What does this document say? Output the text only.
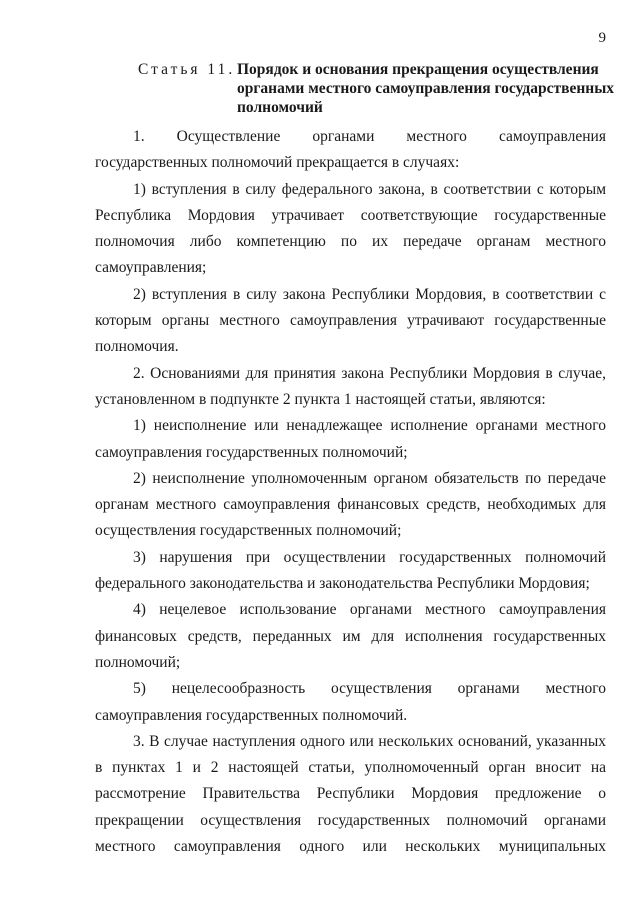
9
Статья 11. Порядок и основания прекращения осуществления органами местного самоуправления государственных полномочий

1. Осуществление органами местного самоуправления государственных полномочий прекращается в случаях:

1) вступления в силу федерального закона, в соответствии с которым Республика Мордовия утрачивает соответствующие государственные полномочия либо компетенцию по их передаче органам местного самоуправления;

2) вступления в силу закона Республики Мордовия, в соответствии с которым органы местного самоуправления утрачивают государственные полномочия.

2. Основаниями для принятия закона Республики Мордовия в случае, установленном в подпункте 2 пункта 1 настоящей статьи, являются:

1) неисполнение или ненадлежащее исполнение органами местного самоуправления государственных полномочий;

2) неисполнение уполномоченным органом обязательств по передаче органам местного самоуправления финансовых средств, необходимых для осуществления государственных полномочий;

3) нарушения при осуществлении государственных полномочий федерального законодательства и законодательства Республики Мордовия;

4) нецелевое использование органами местного самоуправления финансовых средств, переданных им для исполнения государственных полномочий;

5) нецелесообразность осуществления органами местного самоуправления государственных полномочий.

3. В случае наступления одного или нескольких оснований, указанных в пунктах 1 и 2 настоящей статьи, уполномоченный орган вносит на рассмотрение Правительства Республики Мордовия предложение о прекращении осуществления государственных полномочий органами местного самоуправления одного или нескольких муниципальных
